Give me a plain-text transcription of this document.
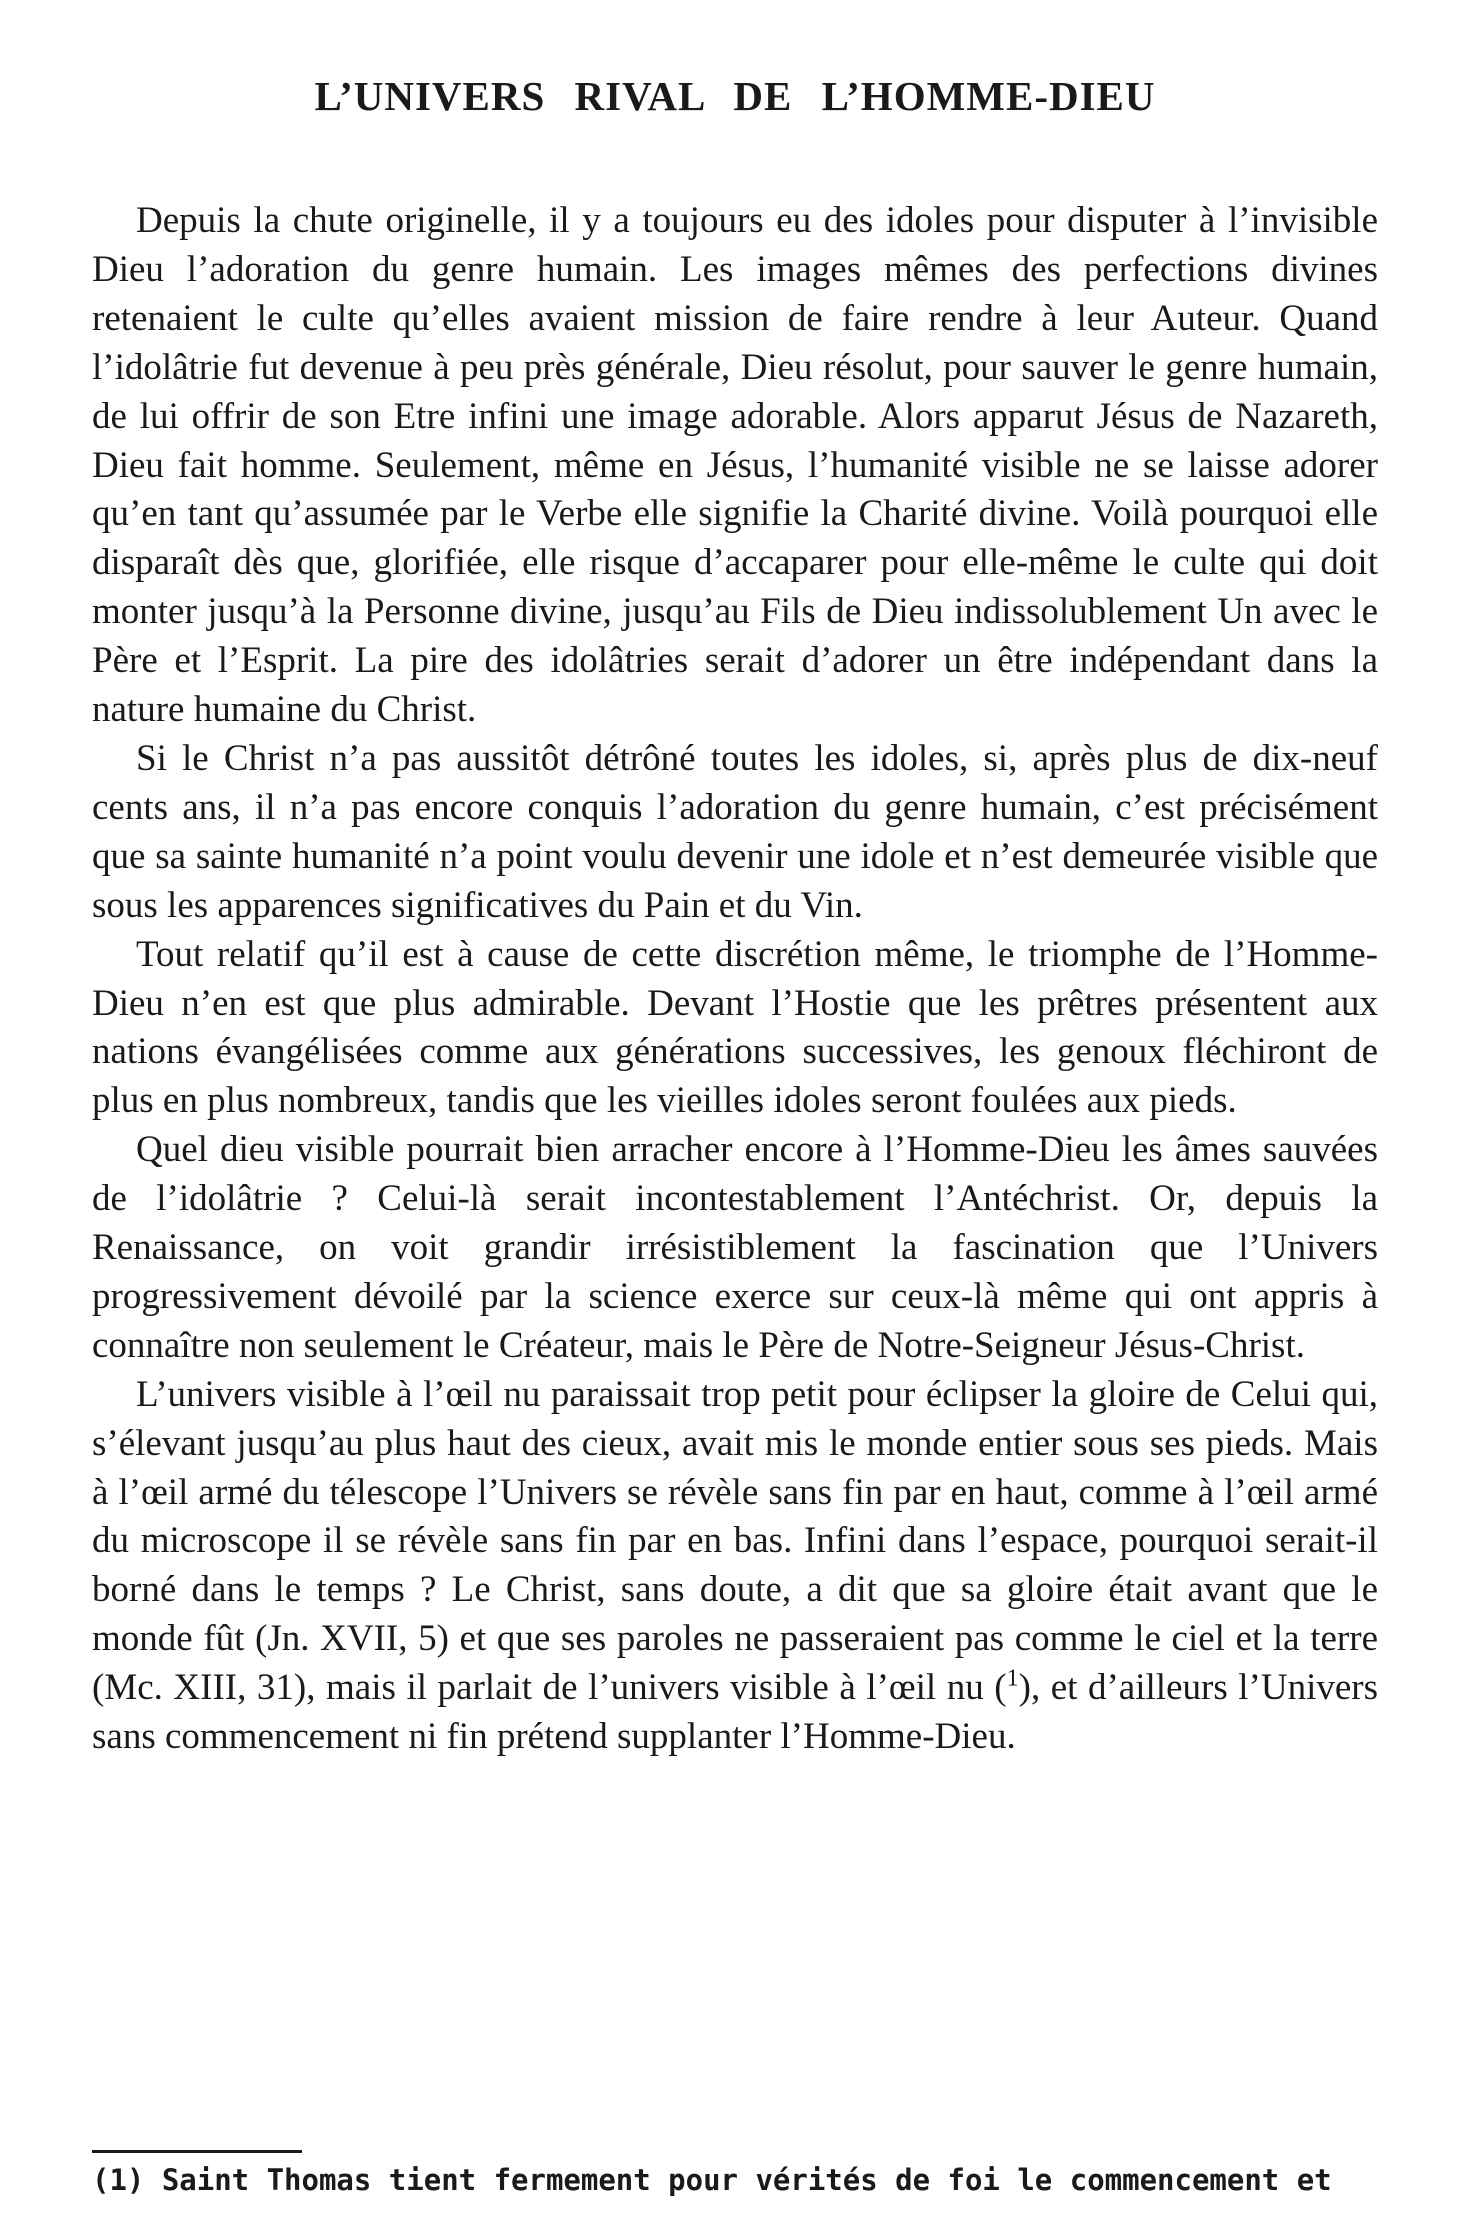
L’UNIVERS RIVAL DE L’HOMME-DIEU

Depuis la chute originelle, il y a toujours eu des idoles pour disputer à l’invisible Dieu l’adoration du genre humain. Les images mêmes des perfections divines retenaient le culte qu’elles avaient mission de faire rendre à leur Auteur. Quand l’idolâtrie fut devenue à peu près générale, Dieu résolut, pour sauver le genre humain, de lui offrir de son Etre infini une image adorable. Alors apparut Jésus de Nazareth, Dieu fait homme. Seulement, même en Jésus, l’humanité visible ne se laisse adorer qu’en tant qu’assumée par le Verbe elle signifie la Charité divine. Voilà pourquoi elle disparaît dès que, glorifiée, elle risque d’accaparer pour elle-même le culte qui doit monter jusqu’à la Personne divine, jusqu’au Fils de Dieu indissolublement Un avec le Père et l’Esprit. La pire des idolâtries serait d’adorer un être indépendant dans la nature humaine du Christ.

Si le Christ n’a pas aussitôt détrôné toutes les idoles, si, après plus de dix-neuf cents ans, il n’a pas encore conquis l’adoration du genre humain, c’est précisément que sa sainte humanité n’a point voulu devenir une idole et n’est demeurée visible que sous les apparences significatives du Pain et du Vin.

Tout relatif qu’il est à cause de cette discrétion même, le triomphe de l’Homme-Dieu n’en est que plus admirable. Devant l’Hostie que les prêtres présentent aux nations évangélisées comme aux générations successives, les genoux fléchiront de plus en plus nombreux, tandis que les vieilles idoles seront foulées aux pieds.

Quel dieu visible pourrait bien arracher encore à l’Homme-Dieu les âmes sauvées de l’idolâtrie ? Celui-là serait incontestablement l’Antéchrist. Or, depuis la Renaissance, on voit grandir irrésistiblement la fascination que l’Univers progressivement dévoilé par la science exerce sur ceux-là même qui ont appris à connaître non seulement le Créateur, mais le Père de Notre-Seigneur Jésus-Christ.

L’univers visible à l’œil nu paraissait trop petit pour éclipser la gloire de Celui qui, s’élevant jusqu’au plus haut des cieux, avait mis le monde entier sous ses pieds. Mais à l’œil armé du télescope l’Univers se révèle sans fin par en haut, comme à l’œil armé du microscope il se révèle sans fin par en bas. Infini dans l’espace, pourquoi serait-il borné dans le temps ? Le Christ, sans doute, a dit que sa gloire était avant que le monde fût (Jn. XVII, 5) et que ses paroles ne passeraient pas comme le ciel et la terre (Mc. XIII, 31), mais il parlait de l’univers visible à l’œil nu ($^1$), et d’ailleurs l’Univers sans commencement ni fin prétend supplanter l’Homme-Dieu.

(1) Saint Thomas tient fermement pour vérités de foi le commencement et
